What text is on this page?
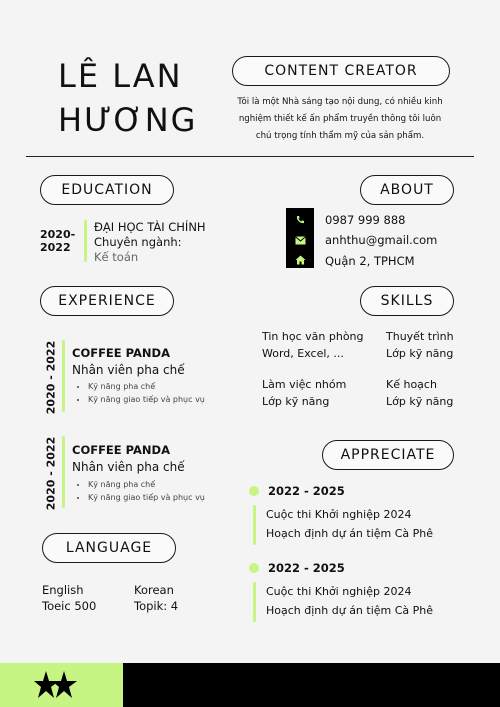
LÊ LAN
HƯƠNG
CONTENT CREATOR
Tôi là một Nhà sáng tạo nội dung, có nhiều kinh nghiệm thiết kế ấn phẩm truyền thông tôi luôn chú trọng tính thẩm mỹ của sản phẩm.
EDUCATION
2020-
2022
ĐẠI HỌC TÀI CHÍNH
Chuyên ngành:
Kế toán
ABOUT
0987 999 888
anhthu@gmail.com
Quận 2, TPHCM
EXPERIENCE
2020 - 2022 COFFEE PANDA
Nhân viên pha chế
• Kỹ năng pha chế
• Kỹ năng giao tiếp và phục vụ
2020 - 2022 COFFEE PANDA
Nhân viên pha chế
• Kỹ năng pha chế
• Kỹ năng giao tiếp và phục vụ
SKILLS
Tin học văn phòng
Word, Excel, ...
Thuyết trình
Lớp kỹ năng
Làm việc nhóm
Lớp kỹ năng
Kế hoạch
Lớp kỹ năng
APPRECIATE
2022 - 2025
Cuộc thi Khởi nghiệp 2024
Hoạch định dự án tiệm Cà Phê
2022 - 2025
Cuộc thi Khởi nghiệp 2024
Hoạch định dự án tiệm Cà Phê
LANGUAGE
English
Toeic 500
Korean
Topik: 4
